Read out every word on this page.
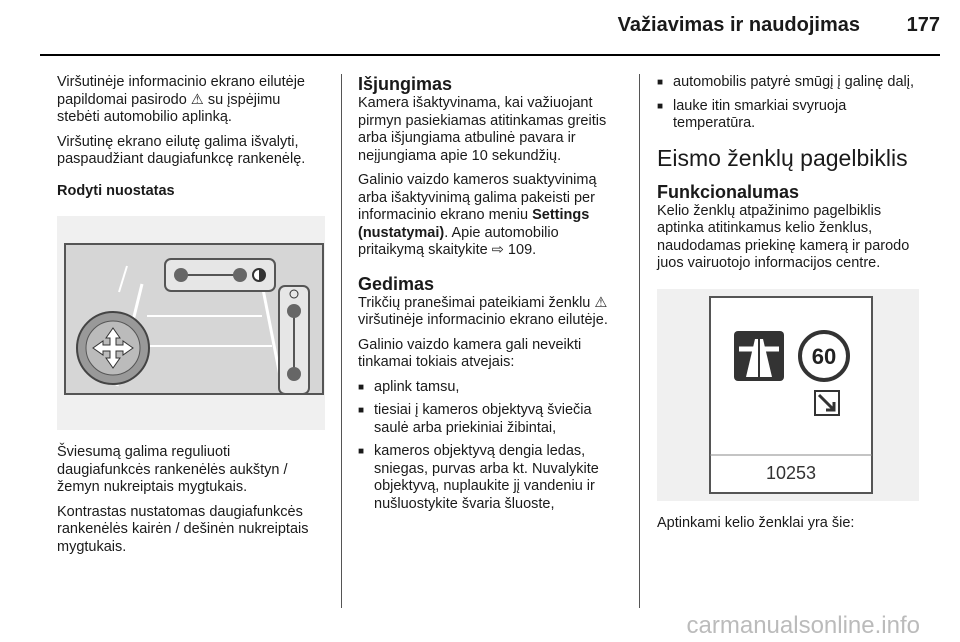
Važiavimas ir naudojimas	177

Viršutinėje informacinio ekrano eilutėje papildomai pasirodo ⚠ su įspėjimu stebėti automobilio aplinką.

Viršutinę ekrano eilutę galima išvalyti, paspaudžiant daugiafunkcę rankenėlę.

Rodyti nuostatas

Šviesumą galima reguliuoti daugiafunkcės rankenėlės aukštyn / žemyn nukreiptais mygtukais.

Kontrastas nustatomas daugiafunkcės rankenėlės kairėn / dešinėn nukreiptais mygtukais.

Išjungimas

Kamera išaktyvinama, kai važiuojant pirmyn pasiekiamas atitinkamas greitis arba išjungiama atbulinė pavara ir neįjungiama apie 10 sekundžių.

Galinio vaizdo kameros suaktyvinimą arba išaktyvinimą galima pakeisti per informacinio ekrano meniu Settings (nustatymai). Apie automobilio pritaikymą skaitykite ⇨ 109.

Gedimas

Trikčių pranešimai pateikiami ženklu ⚠ viršutinėje informacinio ekrano eilutėje.

Galinio vaizdo kamera gali neveikti tinkamai tokiais atvejais:

■ aplink tamsu,
■ tiesiai į kameros objektyvą šviečia saulė arba priekiniai žibintai,
■ kameros objektyvą dengia ledas, sniegas, purvas arba kt. Nuvalykite objektyvą, nuplaukite jį vandeniu ir nušluostykite švaria šluoste,
■ automobilis patyrė smūgį į galinę dalį,
■ lauke itin smarkiai svyruoja temperatūra.
Eismo ženklų pagelbiklis
Funkcionalumas

Kelio ženklų atpažinimo pagelbiklis aptinka atitinkamus kelio ženklus, naudodamas priekinę kamerą ir parodo juos vairuotojo informacijos centre.

60
10253

Aptinkami kelio ženklai yra šie:

carmanualsonline.info
